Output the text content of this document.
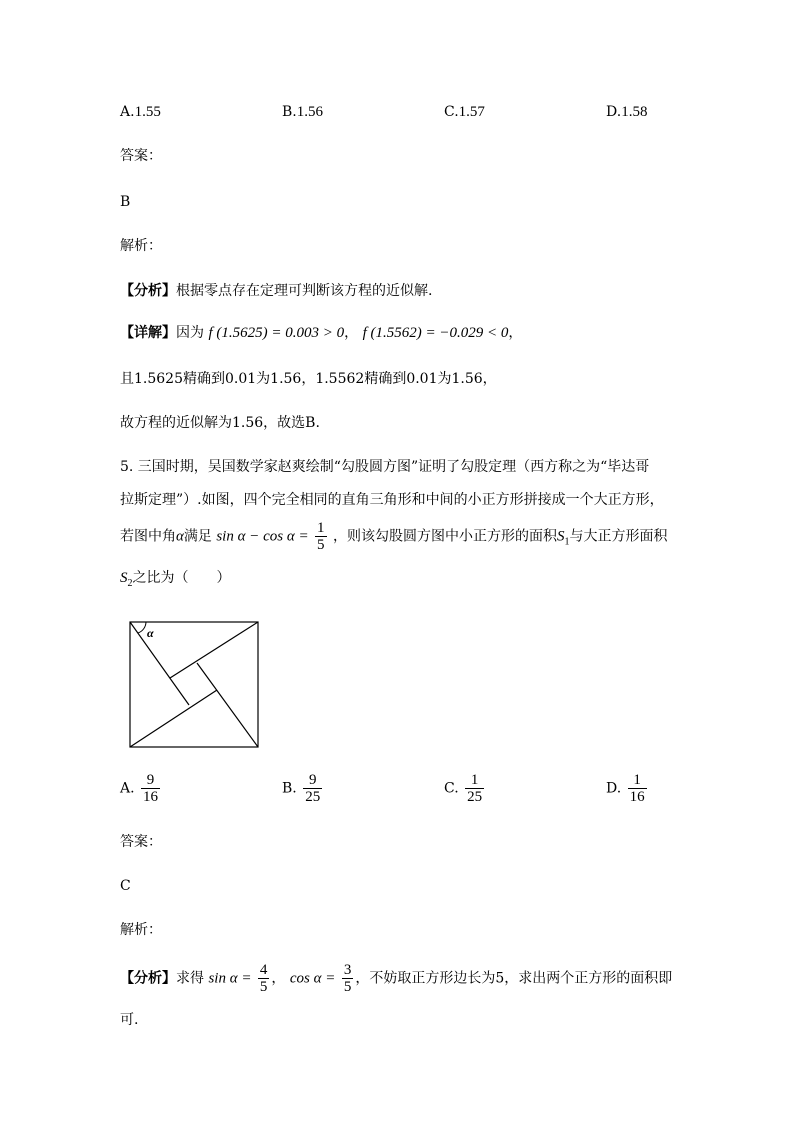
A.1.55	B.1.56	C.1.57	D.1.58
答案：
B
解析：
【分析】根据零点存在定理可判断该方程的近似解.
【详解】因为 f (1.5625) = 0.003 > 0， f (1.5562) = −0.029 < 0，
且1.5625精确到0.01为1.56，1.5562精确到0.01为1.56，
故方程的近似解为1.56，故选B.
5. 三国时期，吴国数学家赵爽绘制“勾股圆方图”证明了勾股定理（西方称之为“毕达哥
拉斯定理”）.如图，四个完全相同的直角三角形和中间的小正方形拼接成一个大正方形，
若图中角α满足 $\sin \alpha - \cos \alpha = \frac{1}{5}$ ，则该勾股圆方图中小正方形的面积$S_1$与大正方形面积
$S_2$之比为（　　）
α
A. $\frac{9}{16}$	B. $\frac{9}{25}$	C. $\frac{1}{25}$	D. $\frac{1}{16}$
答案：
C
解析：
【分析】求得 $\sin \alpha = \frac{4}{5}$ ， $\cos \alpha = \frac{3}{5}$ ，不妨取正方形边长为5，求出两个正方形的面积即
可.
